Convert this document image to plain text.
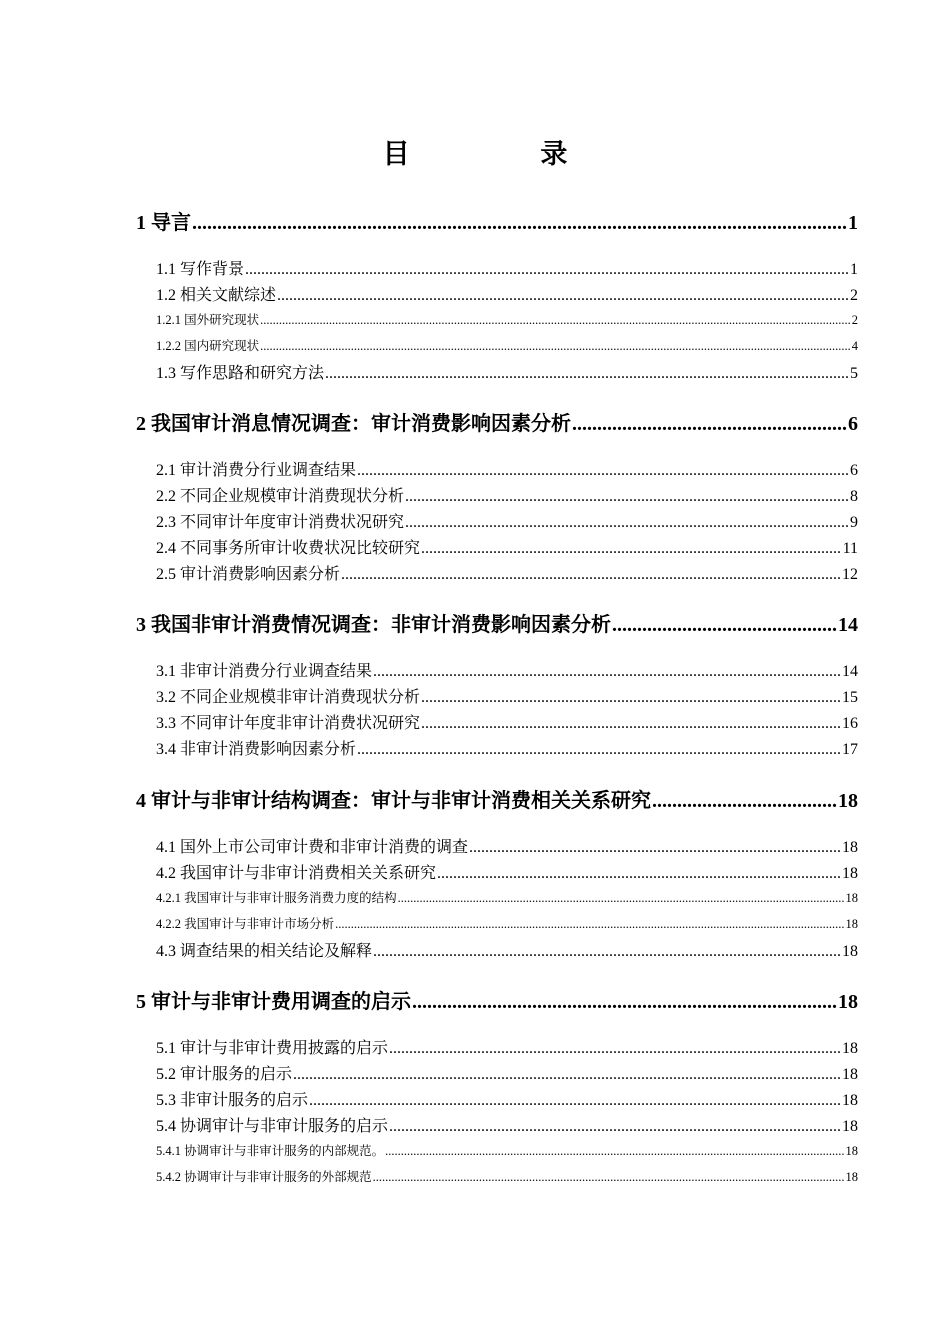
目 录
1 导言 .....	1
1.1 写作背景 .....	1
1.2 相关文献综述 .....	2
1.2.1 国外研究现状 .....	2
1.2.2 国内研究现状 .....	4
1.3 写作思路和研究方法 .....	5
2 我国审计消息情况调查：审计消费影响因素分析 .....	6
2.1 审计消费分行业调查结果 .....	6
2.2 不同企业规模审计消费现状分析 .....	8
2.3 不同审计年度审计消费状况研究 .....	9
2.4 不同事务所审计收费状况比较研究 .....	11
2.5 审计消费影响因素分析 .....	12
3 我国非审计消费情况调查：非审计消费影响因素分析 .....	14
3.1 非审计消费分行业调查结果 .....	14
3.2 不同企业规模非审计消费现状分析 .....	15
3.3 不同审计年度非审计消费状况研究 .....	16
3.4 非审计消费影响因素分析 .....	17
4 审计与非审计结构调查：审计与非审计消费相关关系研究 .....	18
4.1 国外上市公司审计费和非审计消费的调查 .....	18
4.2 我国审计与非审计消费相关关系研究 .....	18
4.2.1 我国审计与非审计服务消费力度的结构 .....	18
4.2.2 我国审计与非审计市场分析 .....	18
4.3 调查结果的相关结论及解释 .....	18
5 审计与非审计费用调查的启示 .....	18
5.1 审计与非审计费用披露的启示 .....	18
5.2 审计服务的启示 .....	18
5.3 非审计服务的启示 .....	18
5.4 协调审计与非审计服务的启示 .....	18
5.4.1 协调审计与非审计服务的内部规范。 .....	18
5.4.2 协调审计与非审计服务的外部规范 .....	18
